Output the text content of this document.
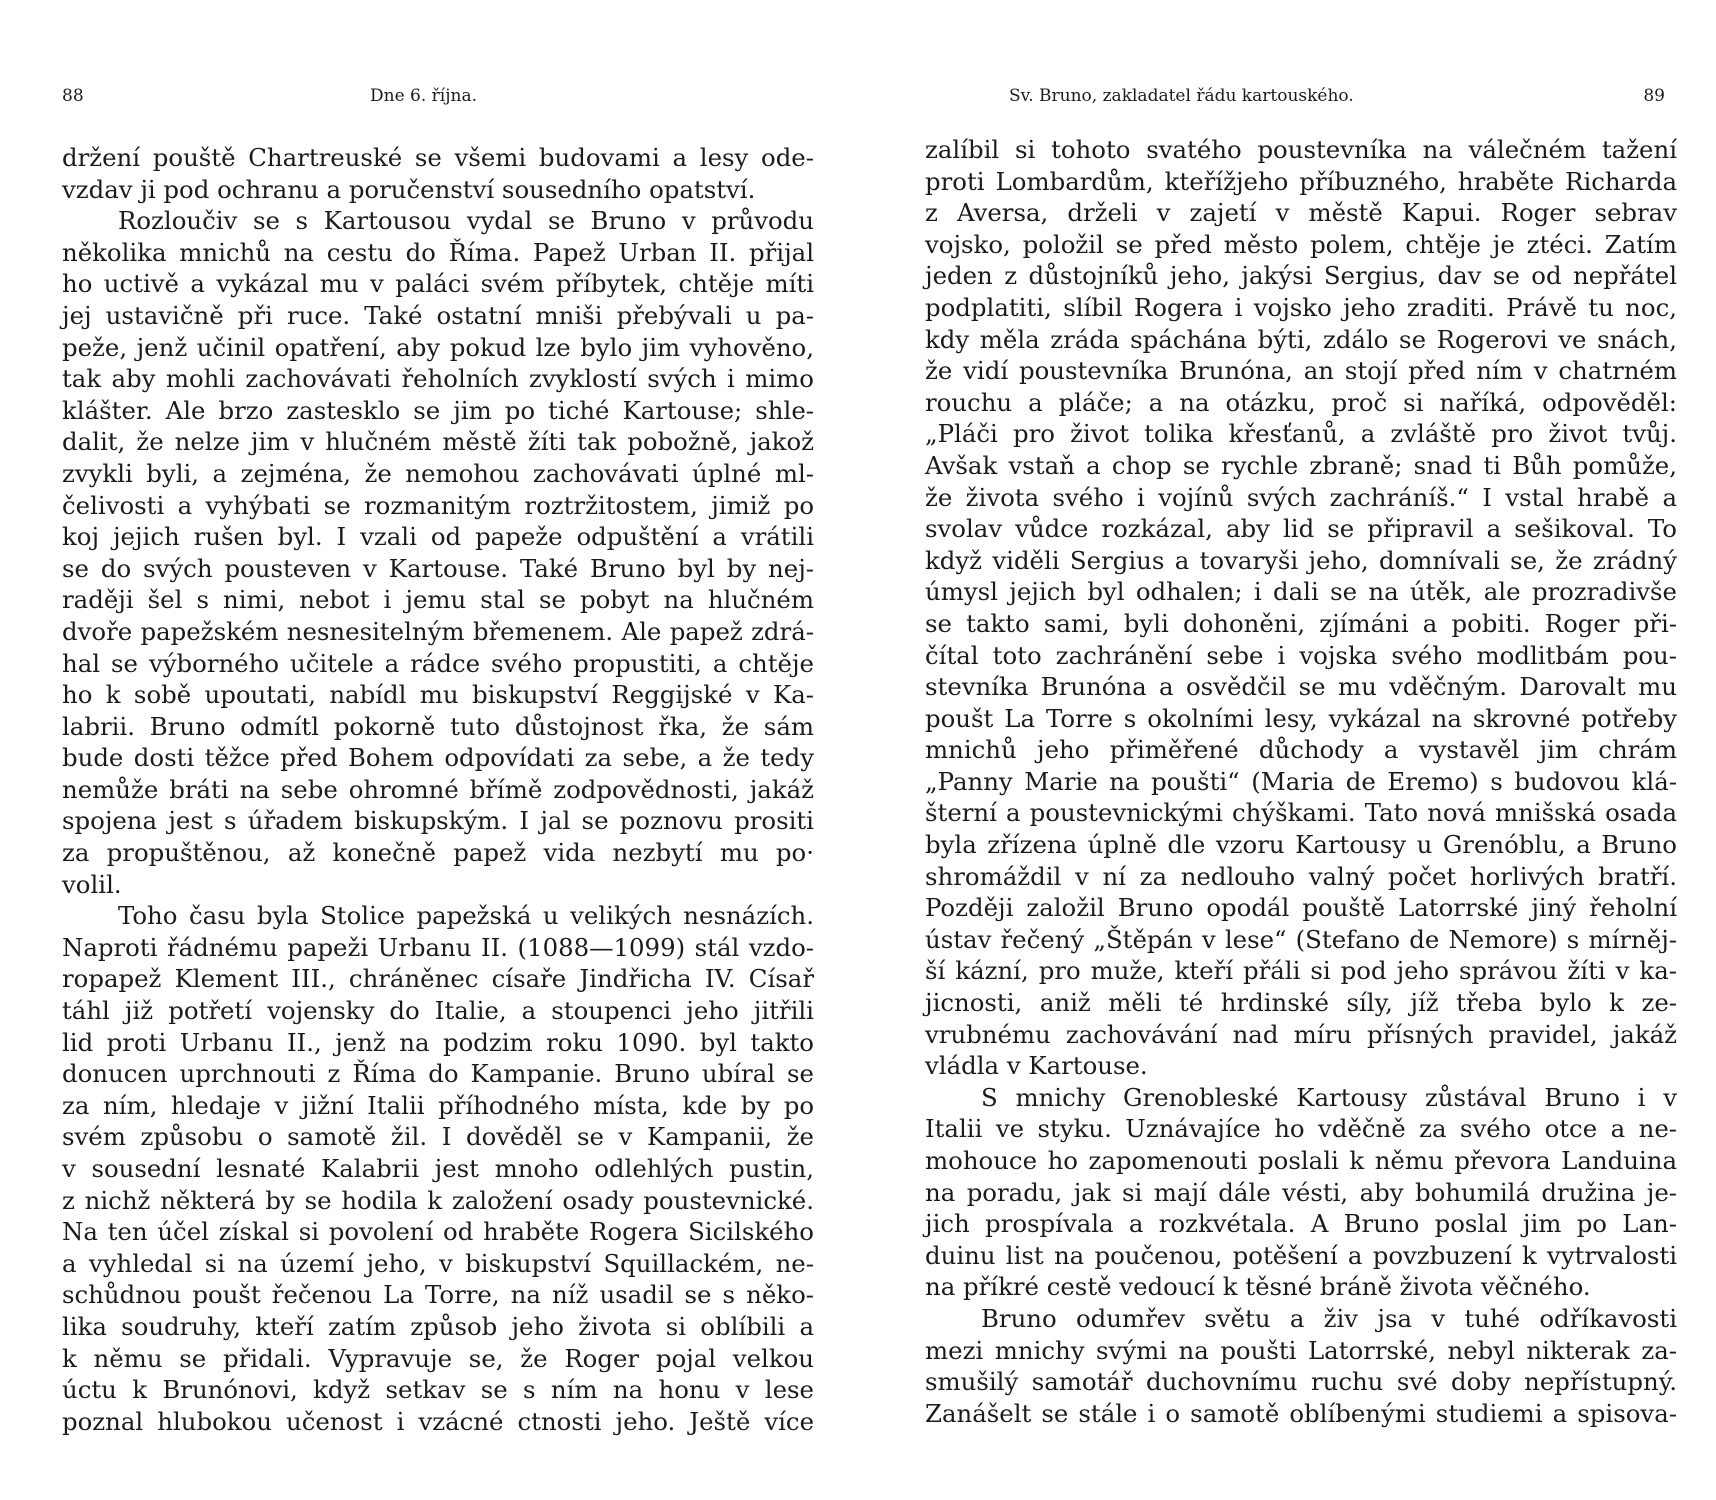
88	Dne 6. října.
držení pouště Chartreuské se všemi budovami a lesy ode-
vzdav ji pod ochranu a poručenství sousedního opatství.
Rozloučiv se s Kartousou vydal se Bruno v průvodu
několika mnichů na cestu do Říma. Papež Urban II. přijal
ho uctivě a vykázal mu v paláci svém příbytek, chtěje míti
jej ustavičně při ruce. Také ostatní mniši přebývali u pa-
peže, jenž učinil opatření, aby pokud lze bylo jim vyhověno,
tak aby mohli zachovávati řeholních zvyklostí svých i mimo
klášter. Ale brzo zastesklo se jim po tiché Kartouse; shle-
dalit, že nelze jim v hlučném městě žíti tak pobožně, jakož
zvykli byli, a zejména, že nemohou zachovávati úplné ml-
čelivosti a vyhýbati se rozmanitým roztržitostem, jimiž po
koj jejich rušen byl. I vzali od papeže odpuštění a vrátili
se do svých pousteven v Kartouse. Také Bruno byl by nej-
raději šel s nimi, nebot i jemu stal se pobyt na hlučném
dvoře papežském nesnesitelným břemenem. Ale papež zdrá-
hal se výborného učitele a rádce svého propustiti, a chtěje
ho k sobě upoutati, nabídl mu biskupství Reggijské v Ka-
labrii. Bruno odmítl pokorně tuto důstojnost řka, že sám
bude dosti těžce před Bohem odpovídati za sebe, a že tedy
nemůže bráti na sebe ohromné břímě zodpovědnosti, jakáž
spojena jest s úřadem biskupským. I jal se poznovu prositi
za propuštěnou, až konečně papež vida nezbytí mu po·
volil.
Toho času byla Stolice papežská u velikých nesnázích.
Naproti řádnému papeži Urbanu II. (1088—1099) stál vzdo-
ropapež Klement III., chráněnec císaře Jindřicha IV. Císař
táhl již potřetí vojensky do Italie, a stoupenci jeho jitřili
lid proti Urbanu II., jenž na podzim roku 1090. byl takto
donucen uprchnouti z Říma do Kampanie. Bruno ubíral se
za ním, hledaje v jižní Italii příhodného místa, kde by po
svém způsobu o samotě žil. I dověděl se v Kampanii, že
v sousední lesnaté Kalabrii jest mnoho odlehlých pustin,
z nichž některá by se hodila k založení osady poustevnické.
Na ten účel získal si povolení od hraběte Rogera Sicilského
a vyhledal si na území jeho, v biskupství Squillackém, ne-
schůdnou poušt řečenou La Torre, na níž usadil se s něko-
lika soudruhy, kteří zatím způsob jeho života si oblíbili a
k němu se přidali. Vypravuje se, že Roger pojal velkou
úctu k Brunónovi, když setkav se s ním na honu v lese
poznal hlubokou učenost i vzácné ctnosti jeho. Ještě více
Sv. Bruno, zakladatel řádu kartouského.	89
zalíbil si tohoto svatého poustevníka na válečném tažení
proti Lombardům, kteřížjeho příbuzného, hraběte Richarda
z Aversa, drželi v zajetí v městě Kapui. Roger sebrav
vojsko, položil se před město polem, chtěje je ztéci. Zatím
jeden z důstojníků jeho, jakýsi Sergius, dav se od nepřátel
podplatiti, slíbil Rogera i vojsko jeho zraditi. Právě tu noc,
kdy měla zráda spáchána býti, zdálo se Rogerovi ve snách,
že vidí poustevníka Brunóna, an stojí před ním v chatrném
rouchu a pláče; a na otázku, proč si naříká, odpověděl:
„Pláči pro život tolika křesťanů, a zvláště pro život tvůj.
Avšak vstaň a chop se rychle zbraně; snad ti Bůh pomůže,
že života svého i vojínů svých zachráníš.“ I vstal hrabě a
svolav vůdce rozkázal, aby lid se připravil a sešikoval. To
když viděli Sergius a tovaryši jeho, domnívali se, že zrádný
úmysl jejich byl odhalen; i dali se na útěk, ale prozradivše
se takto sami, byli dohoněni, zjímáni a pobiti. Roger při-
čítal toto zachránění sebe i vojska svého modlitbám pou-
stevníka Brunóna a osvědčil se mu vděčným. Darovalt mu
poušt La Torre s okolními lesy, vykázal na skrovné potřeby
mnichů jeho přiměřené důchody a vystavěl jim chrám
„Panny Marie na poušti“ (Maria de Eremo) s budovou klá-
šterní a poustevnickými chýškami. Tato nová mnišská osada
byla zřízena úplně dle vzoru Kartousy u Grenóblu, a Bruno
shromáždil v ní za nedlouho valný počet horlivých bratří.
Později založil Bruno opodál pouště Latorrské jiný řeholní
ústav řečený „Štěpán v lese“ (Stefano de Nemore) s mírněj-
ší kázní, pro muže, kteří přáli si pod jeho správou žíti v ka-
jicnosti, aniž měli té hrdinské síly, jíž třeba bylo k ze-
vrubnému zachovávání nad míru přísných pravidel, jakáž
vládla v Kartouse.
S mnichy Grenobleské Kartousy zůstával Bruno i v
Italii ve styku. Uznávajíce ho vděčně za svého otce a ne-
mohouce ho zapomenouti poslali k němu převora Landuina
na poradu, jak si mají dále vésti, aby bohumilá družina je-
jich prospívala a rozkvétala. A Bruno poslal jim po Lan-
duinu list na poučenou, potěšení a povzbuzení k vytrvalosti
na příkré cestě vedoucí k těsné bráně života věčného.
Bruno odumřev světu a živ jsa v tuhé odříkavosti
mezi mnichy svými na poušti Latorrské, nebyl nikterak za-
smušilý samotář duchovnímu ruchu své doby nepřístupný.
Zanášelt se stále i o samotě oblíbenými studiemi a spisova-
